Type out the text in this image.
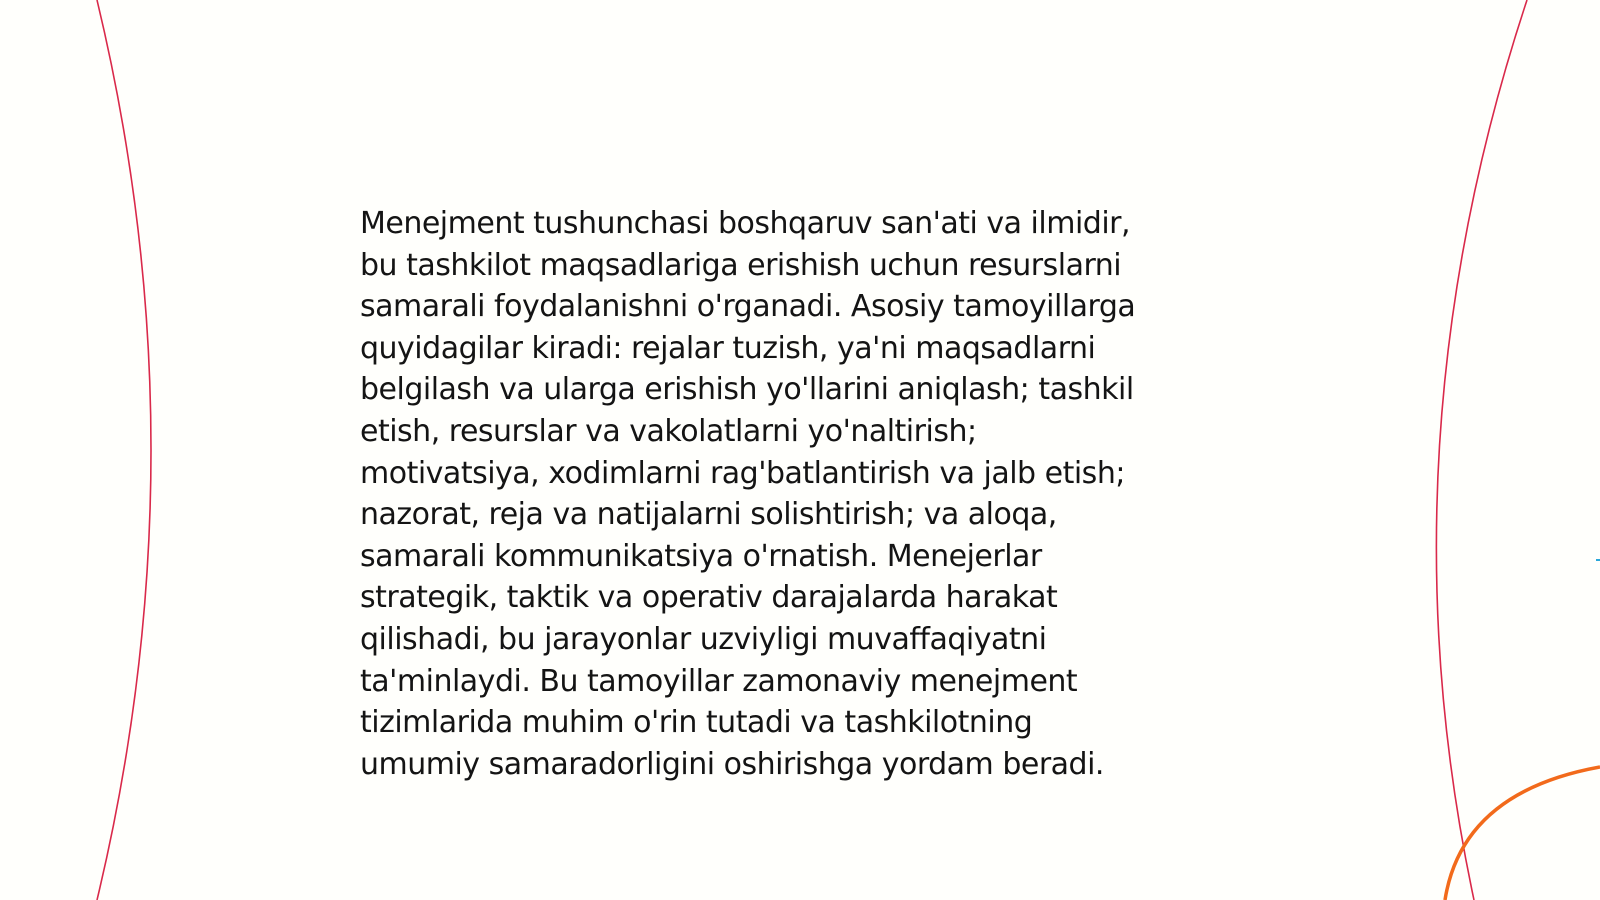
Menejment tushunchasi boshqaruv san'ati va ilmidir,
bu tashkilot maqsadlariga erishish uchun resurslarni
samarali foydalanishni o'rganadi. Asosiy tamoyillarga
quyidagilar kiradi: rejalar tuzish, ya'ni maqsadlarni
belgilash va ularga erishish yo'llarini aniqlash; tashkil
etish, resurslar va vakolatlarni yo'naltirish;
motivatsiya, xodimlarni rag'batlantirish va jalb etish;
nazorat, reja va natijalarni solishtirish; va aloqa,
samarali kommunikatsiya o'rnatish. Menejerlar
strategik, taktik va operativ darajalarda harakat
qilishadi, bu jarayonlar uzviyligi muvaffaqiyatni
ta'minlaydi. Bu tamoyillar zamonaviy menejment
tizimlarida muhim o'rin tutadi va tashkilotning
umumiy samaradorligini oshirishga yordam beradi.
